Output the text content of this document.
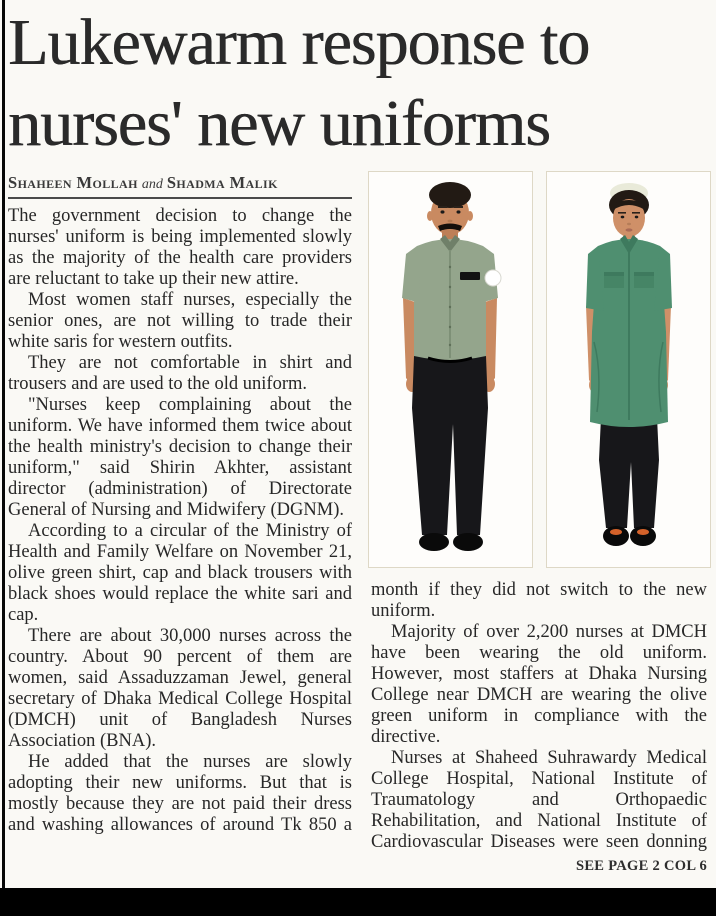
Lukewarm response to
nurses' new uniforms
Shaheen Mollah and Shadma Malik

The government decision to change the nurses' uniform is being implemented slowly as the majority of the health care providers are reluctant to take up their new attire.

Most women staff nurses, especially the senior ones, are not willing to trade their white saris for western outfits.

They are not comfortable in shirt and trousers and are used to the old uniform.

"Nurses keep complaining about the uniform. We have informed them twice about the health ministry's decision to change their uniform," said Shirin Akhter, assistant director (administration) of Directorate General of Nursing and Midwifery (DGNM).

According to a circular of the Ministry of Health and Family Welfare on November 21, olive green shirt, cap and black trousers with black shoes would replace the white sari and cap.

There are about 30,000 nurses across the country. About 90 percent of them are women, said Assaduzzaman Jewel, general secretary of Dhaka Medical College Hospital (DMCH) unit of Bangladesh Nurses Association (BNA).

He added that the nurses are slowly adopting their new uniforms. But that is mostly because they are not paid their dress and washing allowances of around Tk 850 a

month if they did not switch to the new uniform.

Majority of over 2,200 nurses at DMCH have been wearing the old uniform. However, most staffers at Dhaka Nursing College near DMCH are wearing the olive green uniform in compliance with the directive.

Nurses at Shaheed Suhrawardy Medical College Hospital, National Institute of Traumatology and Orthopaedic Rehabilitation, and National Institute of Cardiovascular Diseases were seen donning

SEE PAGE 2 COL 6
